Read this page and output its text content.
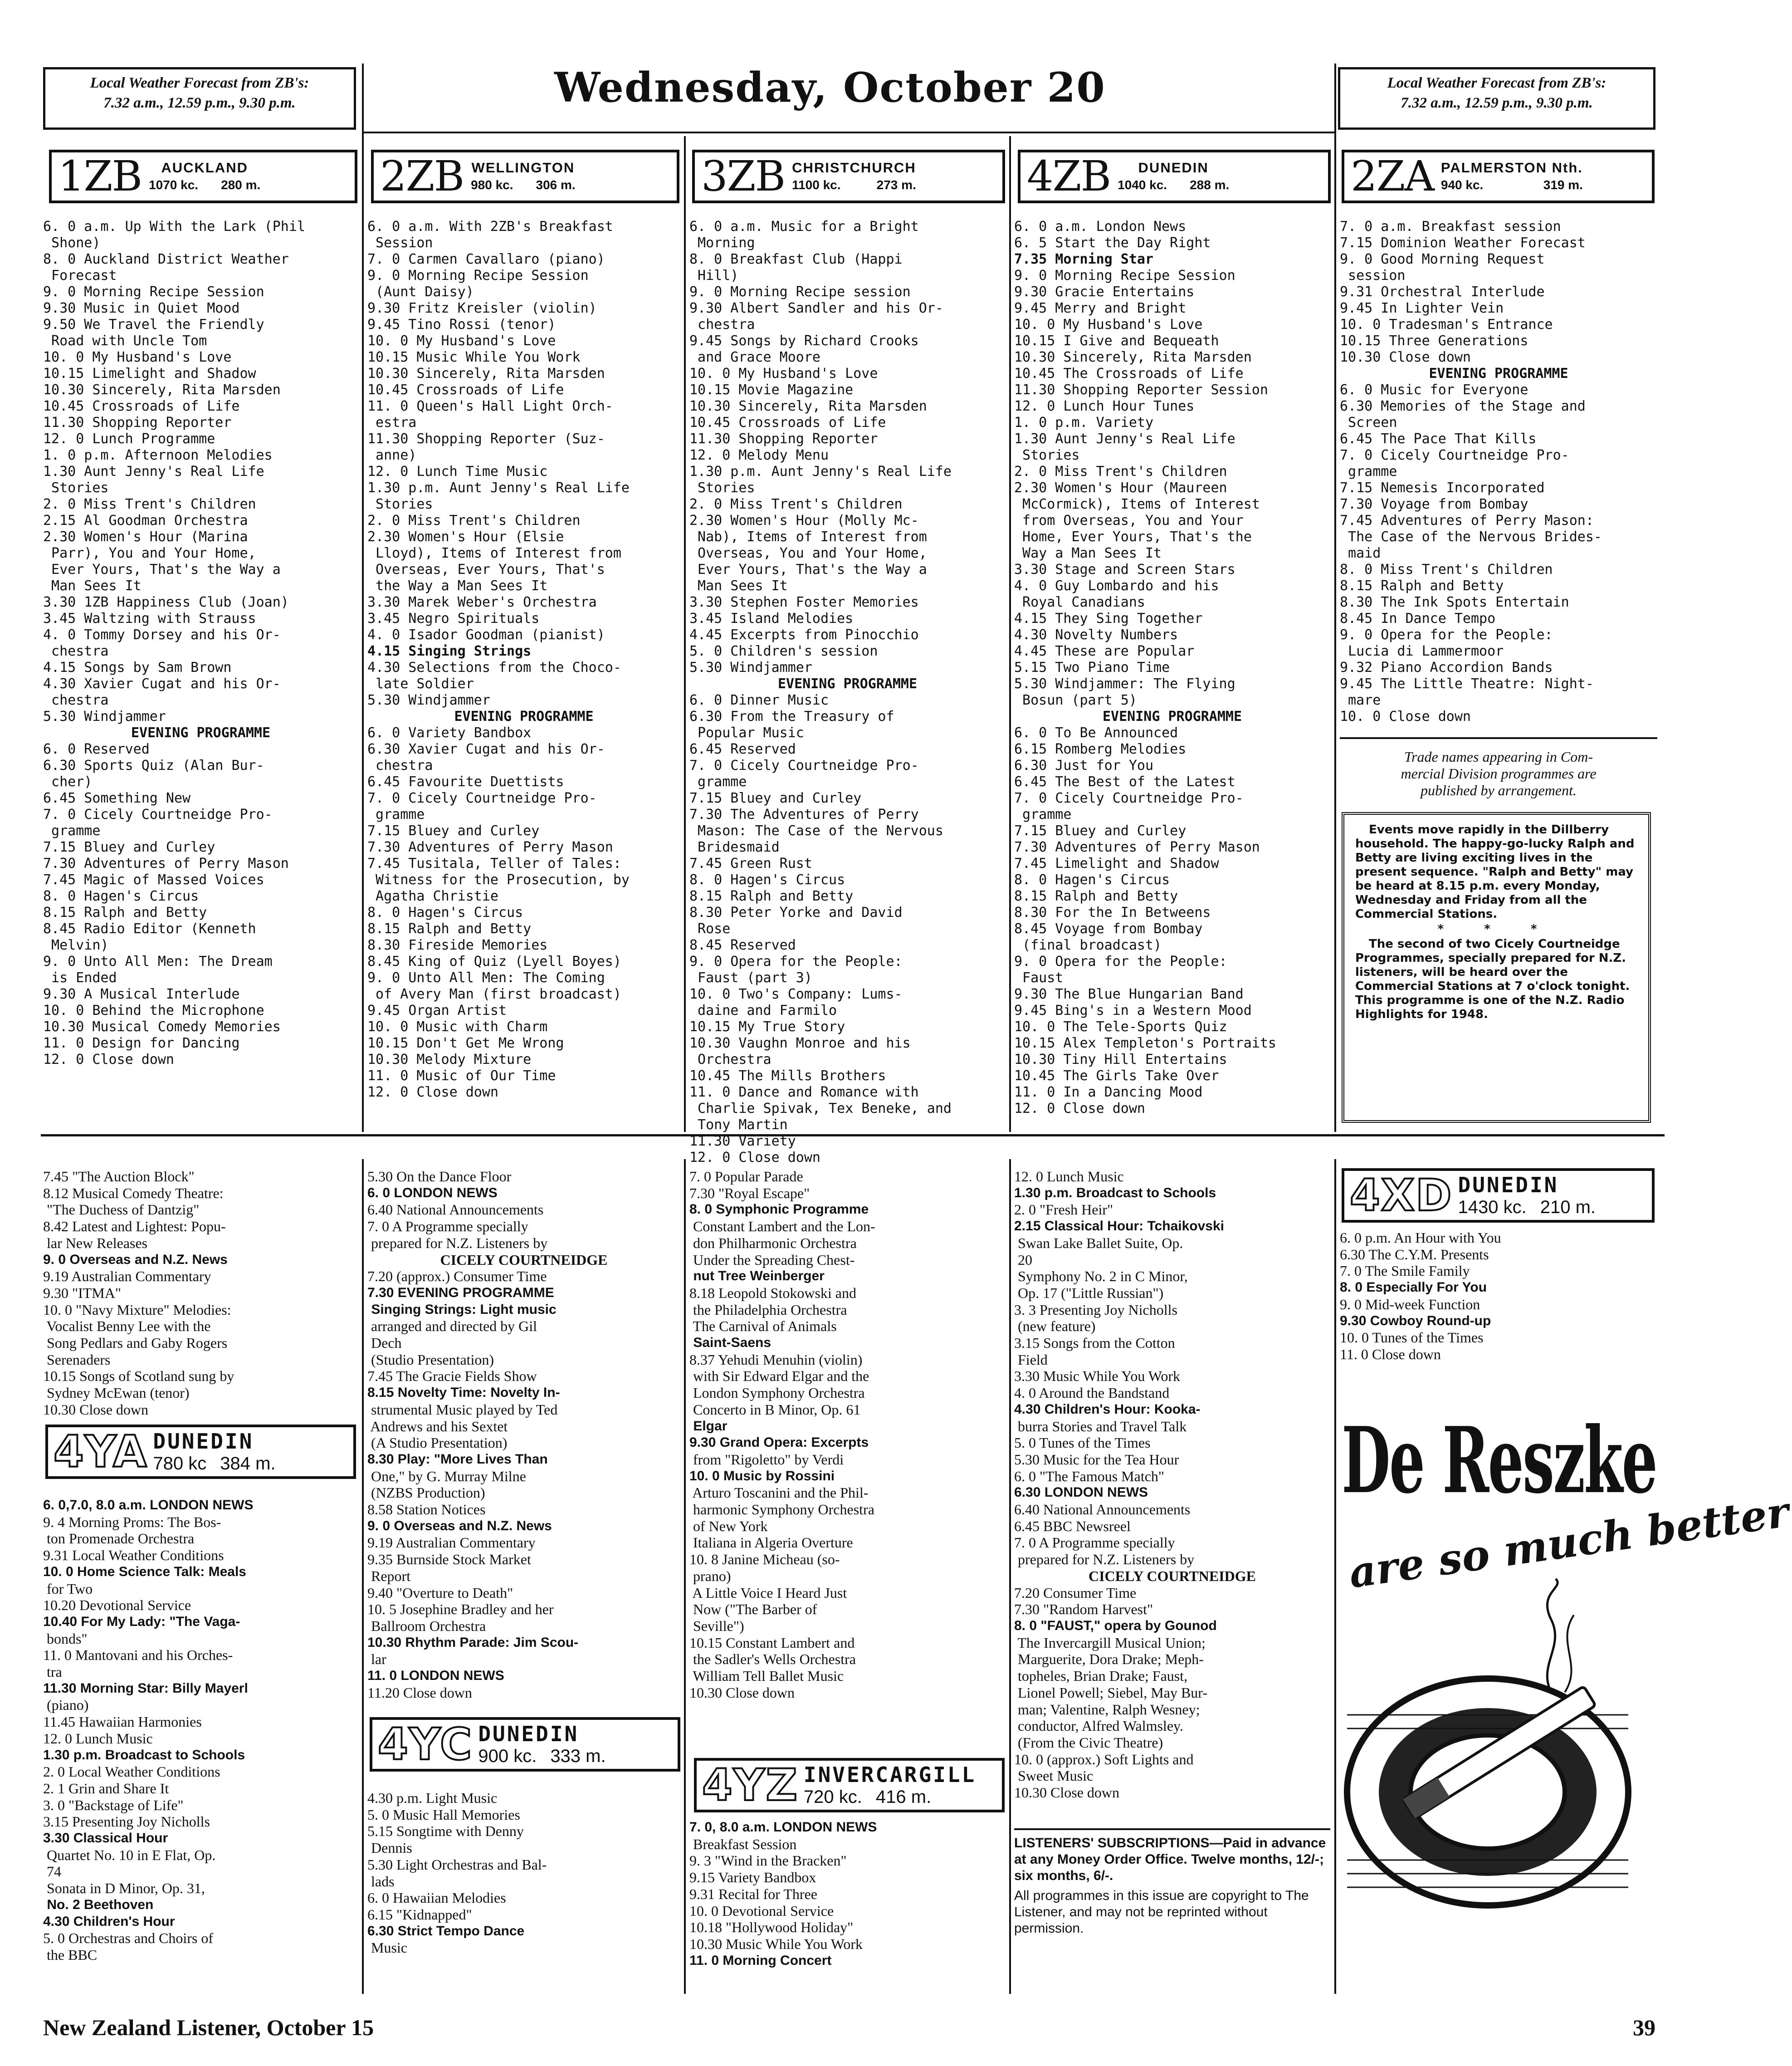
Local Weather Forecast from ZB's:
7.32 a.m., 12.59 p.m., 9.30 p.m.	Wednesday, October 20	Local Weather Forecast from ZB's:
7.32 a.m., 12.59 p.m., 9.30 p.m.
1ZB	AUCKLAND
1070 kc. 280 m.	2ZB WELLINGTON
980 kc. 306 m.	3ZB CHRISTCHURCH
1100 kc.	273 m.	4ZB	DUNEDIN
1040 kc. 288 m.	2ZA PALMERSTON Nth.
940 kc.	319 m.
6. 0 a.m. Up With the Lark (Phil
Shone)
8. 0 Auckland District Weather
Forecast
9. 0 Morning Recipe Session
9.30 Music in Quiet Mood
9.50 We Travel the Friendly
Road with Uncle Tom
10. 0 My Husband's Love
10.15 Limelight and Shadow
10.30 Sincerely, Rita Marsden
10.45 Crossroads of Life
11.30 Shopping Reporter
12. 0 Lunch Programme
1. 0 p.m. Afternoon Melodies
1.30 Aunt Jenny's Real Life
Stories
2. 0 Miss Trent's Children
2.15 Al Goodman Orchestra
2.30 Women's Hour (Marina
Parr), You and Your Home,
Ever Yours, That's the Way a
Man Sees It
3.30 1ZB Happiness Club (Joan)
3.45 Waltzing with Strauss
4. 0 Tommy Dorsey and his Or-
chestra
4.15 Songs by Sam Brown
4.30 Xavier Cugat and his Or-
chestra
5.30 Windjammer
EVENING PROGRAMME
6. 0 Reserved
6.30 Sports Quiz (Alan Bur-
cher)
6.45 Something New
7. 0 Cicely Courtneidge Pro-
gramme
7.15 Bluey and Curley
7.30 Adventures of Perry Mason
7.45 Magic of Massed Voices
8. 0 Hagen's Circus
8.15 Ralph and Betty
8.45 Radio Editor (Kenneth
Melvin)
9. 0 Unto All Men: The Dream
is Ended
9.30 A Musical Interlude
10. 0 Behind the Microphone
10.30 Musical Comedy Memories
11. 0 Design for Dancing
12. 0 Close down
6. 0 a.m. With 2ZB's Breakfast
Session
7. 0 Carmen Cavallaro (piano)
9. 0 Morning Recipe Session
(Aunt Daisy)
9.30 Fritz Kreisler (violin)
9.45 Tino Rossi (tenor)
10. 0 My Husband's Love
10.15 Music While You Work
10.30 Sincerely, Rita Marsden
10.45 Crossroads of Life
11. 0 Queen's Hall Light Orch-
estra
11.30 Shopping Reporter (Suz-
anne)
12. 0 Lunch Time Music
1.30 p.m. Aunt Jenny's Real Life
Stories
2. 0 Miss Trent's Children
2.30 Women's Hour (Elsie
Lloyd), Items of Interest from
Overseas, Ever Yours, That's
the Way a Man Sees It
3.30 Marek Weber's Orchestra
3.45 Negro Spirituals
4. 0 Isador Goodman (pianist)
4.15 Singing Strings
4.30 Selections from the Choco-
late Soldier
5.30 Windjammer
EVENING PROGRAMME
6. 0 Variety Bandbox
6.30 Xavier Cugat and his Or-
chestra
6.45 Favourite Duettists
7. 0 Cicely Courtneidge Pro-
gramme
7.15 Bluey and Curley
7.30 Adventures of Perry Mason
7.45 Tusitala, Teller of Tales:
Witness for the Prosecution, by
Agatha Christie
8. 0 Hagen's Circus
8.15 Ralph and Betty
8.30 Fireside Memories
8.45 King of Quiz (Lyell Boyes)
9. 0 Unto All Men: The Coming
of Avery Man (first broadcast)
9.45 Organ Artist
10. 0 Music with Charm
10.15 Don't Get Me Wrong
10.30 Melody Mixture
11. 0 Music of Our Time
12. 0 Close down
6. 0 a.m. Music for a Bright
Morning
8. 0 Breakfast Club (Happi
Hill)
9. 0 Morning Recipe session
9.30 Albert Sandler and his Or-
chestra
9.45 Songs by Richard Crooks
and Grace Moore
10. 0 My Husband's Love
10.15 Movie Magazine
10.30 Sincerely, Rita Marsden
10.45 Crossroads of Life
11.30 Shopping Reporter
12. 0 Melody Menu
1.30 p.m. Aunt Jenny's Real Life
Stories
2. 0 Miss Trent's Children
2.30 Women's Hour (Molly Mc-
Nab), Items of Interest from
Overseas, You and Your Home,
Ever Yours, That's the Way a
Man Sees It
3.30 Stephen Foster Memories
3.45 Island Melodies
4.45 Excerpts from Pinocchio
5. 0 Children's session
5.30 Windjammer
EVENING PROGRAMME
6. 0 Dinner Music
6.30 From the Treasury of
Popular Music
6.45 Reserved
7. 0 Cicely Courtneidge Pro-
gramme
7.15 Bluey and Curley
7.30 The Adventures of Perry
Mason: The Case of the Nervous
Bridesmaid
7.45 Green Rust
8. 0 Hagen's Circus
8.15 Ralph and Betty
8.30 Peter Yorke and David
Rose
8.45 Reserved
9. 0 Opera for the People:
Faust (part 3)
10. 0 Two's Company: Lums-
daine and Farmilo
10.15 My True Story
10.30 Vaughn Monroe and his
Orchestra
10.45 The Mills Brothers
11. 0 Dance and Romance with
Charlie Spivak, Tex Beneke, and
Tony Martin
11.30 Variety
12. 0 Close down
6. 0 a.m. London News
6. 5 Start the Day Right
7.35 Morning Star
9. 0 Morning Recipe Session
9.30 Gracie Entertains
9.45 Merry and Bright
10. 0 My Husband's Love
10.15 I Give and Bequeath
10.30 Sincerely, Rita Marsden
10.45 The Crossroads of Life
11.30 Shopping Reporter Session
12. 0 Lunch Hour Tunes
1. 0 p.m. Variety
1.30 Aunt Jenny's Real Life
Stories
2. 0 Miss Trent's Children
2.30 Women's Hour (Maureen
McCormick), Items of Interest
from Overseas, You and Your
Home, Ever Yours, That's the
Way a Man Sees It
3.30 Stage and Screen Stars
4. 0 Guy Lombardo and his
Royal Canadians
4.15 They Sing Together
4.30 Novelty Numbers
4.45 These are Popular
5.15 Two Piano Time
5.30 Windjammer: The Flying
Bosun (part 5)
EVENING PROGRAMME
6. 0 To Be Announced
6.15 Romberg Melodies
6.30 Just for You
6.45 The Best of the Latest
7. 0 Cicely Courtneidge Pro-
gramme
7.15 Bluey and Curley
7.30 Adventures of Perry Mason
7.45 Limelight and Shadow
8. 0 Hagen's Circus
8.15 Ralph and Betty
8.30 For the In Betweens
8.45 Voyage from Bombay
(final broadcast)
9. 0 Opera for the People:
Faust
9.30 The Blue Hungarian Band
9.45 Bing's in a Western Mood
10. 0 The Tele-Sports Quiz
10.15 Alex Templeton's Portraits
10.30 Tiny Hill Entertains
10.45 The Girls Take Over
11. 0 In a Dancing Mood
12. 0 Close down
7. 0 a.m. Breakfast session
7.15 Dominion Weather Forecast
9. 0 Good Morning Request
session
9.31 Orchestral Interlude
9.45 In Lighter Vein
10. 0 Tradesman's Entrance
10.15 Three Generations
10.30 Close down
EVENING PROGRAMME
6. 0 Music for Everyone
6.30 Memories of the Stage and
Screen
6.45 The Pace That Kills
7. 0 Cicely Courtneidge Pro-
gramme
7.15 Nemesis Incorporated
7.30 Voyage from Bombay
7.45 Adventures of Perry Mason:
The Case of the Nervous Brides-
maid
8. 0 Miss Trent's Children
8.15 Ralph and Betty
8.30 The Ink Spots Entertain
8.45 In Dance Tempo
9. 0 Opera for the People:
Lucia di Lammermoor
9.32 Piano Accordion Bands
9.45 The Little Theatre: Night-
mare
10. 0 Close down
Trade names appearing in Com-
mercial Division programmes are
published by arrangement.

Events move rapidly in the Dillberry household. The happy-go-lucky Ralph and Betty are living exciting lives in the present sequence. "Ralph and Betty" may be heard at 8.15 p.m. every Monday, Wednesday and Friday from all the Commercial Stations.

* * *

The second of two Cicely Courtneidge Programmes, specially prepared for N.Z. listeners, will be heard over the Commercial Stations at 7 o'clock tonight. This programme is one of the N.Z. Radio Highlights for 1948.

7.45 "The Auction Block"
8.12 Musical Comedy Theatre:
"The Duchess of Dantzig"
8.42 Latest and Lightest: Popu-
lar New Releases
9. 0 Overseas and N.Z. News
9.19 Australian Commentary
9.30 "ITMA"
10. 0 "Navy Mixture" Melodies:
Vocalist Benny Lee with the
Song Pedlars and Gaby Rogers
Serenaders
10.15 Songs of Scotland sung by
Sydney McEwan (tenor)
10.30 Close down
4YA DUNEDIN
780 kc 384 m.
6. 0,7.0, 8.0 a.m. LONDON NEWS
9. 4 Morning Proms: The Bos-
ton Promenade Orchestra
9.31 Local Weather Conditions
10. 0 Home Science Talk: Meals
for Two
10.20 Devotional Service
10.40 For My Lady: "The Vaga-
bonds"
11. 0 Mantovani and his Orches-
tra
11.30 Morning Star: Billy Mayerl
(piano)
11.45 Hawaiian Harmonies
12. 0 Lunch Music
1.30 p.m. Broadcast to Schools
2. 0 Local Weather Conditions
2. 1 Grin and Share It
3. 0 "Backstage of Life"
3.15 Presenting Joy Nicholls
3.30 Classical Hour
Quartet No. 10 in E Flat, Op.
74
Sonata in D Minor, Op. 31,
No. 2 Beethoven
4.30 Children's Hour
5. 0 Orchestras and Choirs of
the BBC
5.30 On the Dance Floor
6. 0 LONDON NEWS
6.40 National Announcements
7. 0 A Programme specially
prepared for N.Z. Listeners by
CICELY COURTNEIDGE
7.20 (approx.) Consumer Time
7.30 EVENING PROGRAMME
Singing Strings: Light music
arranged and directed by Gil
Dech
(Studio Presentation)
7.45 The Gracie Fields Show
8.15 Novelty Time: Novelty In-
strumental Music played by Ted
Andrews and his Sextet
(A Studio Presentation)
8.30 Play: "More Lives Than
One," by G. Murray Milne
(NZBS Production)
8.58 Station Notices
9. 0 Overseas and N.Z. News
9.19 Australian Commentary
9.35 Burnside Stock Market
Report
9.40 "Overture to Death"
10. 5 Josephine Bradley and her
Ballroom Orchestra
10.30 Rhythm Parade: Jim Scou-
lar
11. 0 LONDON NEWS
11.20 Close down
4YC DUNEDIN
900 kc. 333 m.
4.30 p.m. Light Music
5. 0 Music Hall Memories
5.15 Songtime with Denny
Dennis
5.30 Light Orchestras and Bal-
lads
6. 0 Hawaiian Melodies
6.15 "Kidnapped"
6.30 Strict Tempo Dance
Music
7. 0 Popular Parade
7.30 "Royal Escape"
8. 0 Symphonic Programme
Constant Lambert and the Lon-
don Philharmonic Orchestra
Under the Spreading Chest-
nut Tree Weinberger
8.18 Leopold Stokowski and
the Philadelphia Orchestra
The Carnival of Animals
Saint-Saens
8.37 Yehudi Menuhin (violin)
with Sir Edward Elgar and the
London Symphony Orchestra
Concerto in B Minor, Op. 61
Elgar
9.30 Grand Opera: Excerpts
from "Rigoletto" by Verdi
10. 0 Music by Rossini
Arturo Toscanini and the Phil-
harmonic Symphony Orchestra
of New York
Italiana in Algeria Overture
10. 8 Janine Micheau (so-
prano)
A Little Voice I Heard Just
Now ("The Barber of
Seville")
10.15 Constant Lambert and
the Sadler's Wells Orchestra
William Tell Ballet Music
10.30 Close down
4YZ INVERCARGILL
720 kc. 416 m.
7. 0, 8.0 a.m. LONDON NEWS
Breakfast Session
9. 3 "Wind in the Bracken"
9.15 Variety Bandbox
9.31 Recital for Three
10. 0 Devotional Service
10.18 "Hollywood Holiday"
10.30 Music While You Work
11. 0 Morning Concert
12. 0 Lunch Music
1.30 p.m. Broadcast to Schools
2. 0 "Fresh Heir"
2.15 Classical Hour: Tchaikovski
Swan Lake Ballet Suite, Op.
20
Symphony No. 2 in C Minor,
Op. 17 ("Little Russian")
3. 3 Presenting Joy Nicholls
(new feature)
3.15 Songs from the Cotton
Field
3.30 Music While You Work
4. 0 Around the Bandstand
4.30 Children's Hour: Kooka-
burra Stories and Travel Talk
5. 0 Tunes of the Times
5.30 Music for the Tea Hour
6. 0 "The Famous Match"
6.30 LONDON NEWS
6.40 National Announcements
6.45 BBC Newsreel
7. 0 A Programme specially
prepared for N.Z. Listeners by
CICELY COURTNEIDGE
7.20 Consumer Time
7.30 "Random Harvest"
8. 0 "FAUST," opera by Gounod
The Invercargill Musical Union;
Marguerite, Dora Drake; Meph-
topheles, Brian Drake; Faust,
Lionel Powell; Siebel, May Bur-
man; Valentine, Ralph Wesney;
conductor, Alfred Walmsley.
(From the Civic Theatre)
10. 0 (approx.) Soft Lights and
Sweet Music
10.30 Close down
LISTENERS' SUBSCRIPTIONS—Paid in advance at any Money Order Office. Twelve months, 12/-; six months, 6/-.
All programmes in this issue are copyright to The Listener, and may not be reprinted without permission.
4XD DUNEDIN
1430 kc. 210 m.
6. 0 p.m. An Hour with You
6.30 The C.Y.M. Presents
7. 0 The Smile Family
8. 0 Especially For You
9. 0 Mid-week Function
9.30 Cowboy Round-up
10. 0 Tunes of the Times
11. 0 Close down
De Reszke
are so much better
New Zealand Listener, October 15	39
